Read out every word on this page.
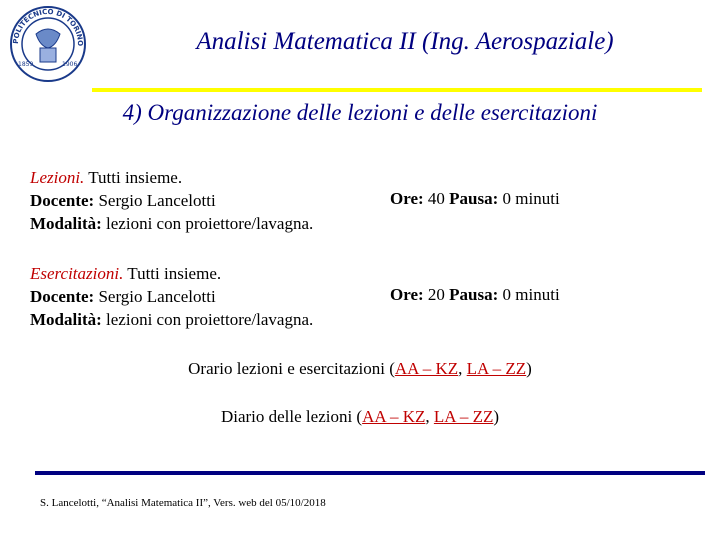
POLITECNICO DI TORINO
1859	1906
Analisi Matematica II (Ing. Aerospaziale)
4) Organizzazione delle lezioni e delle esercitazioni
Lezioni. Tutti insieme.
Docente: Sergio Lancelotti
Modalità: lezioni con proiettore/lavagna.
Ore: 40 Pausa: 0 minuti
Esercitazioni. Tutti insieme.
Docente: Sergio Lancelotti
Modalità: lezioni con proiettore/lavagna.
Ore: 20 Pausa: 0 minuti
Orario lezioni e esercitazioni (AA – KZ, LA – ZZ)
Diario delle lezioni (AA – KZ, LA – ZZ)
S. Lancelotti, “Analisi Matematica II”, Vers. web del 05/10/2018
